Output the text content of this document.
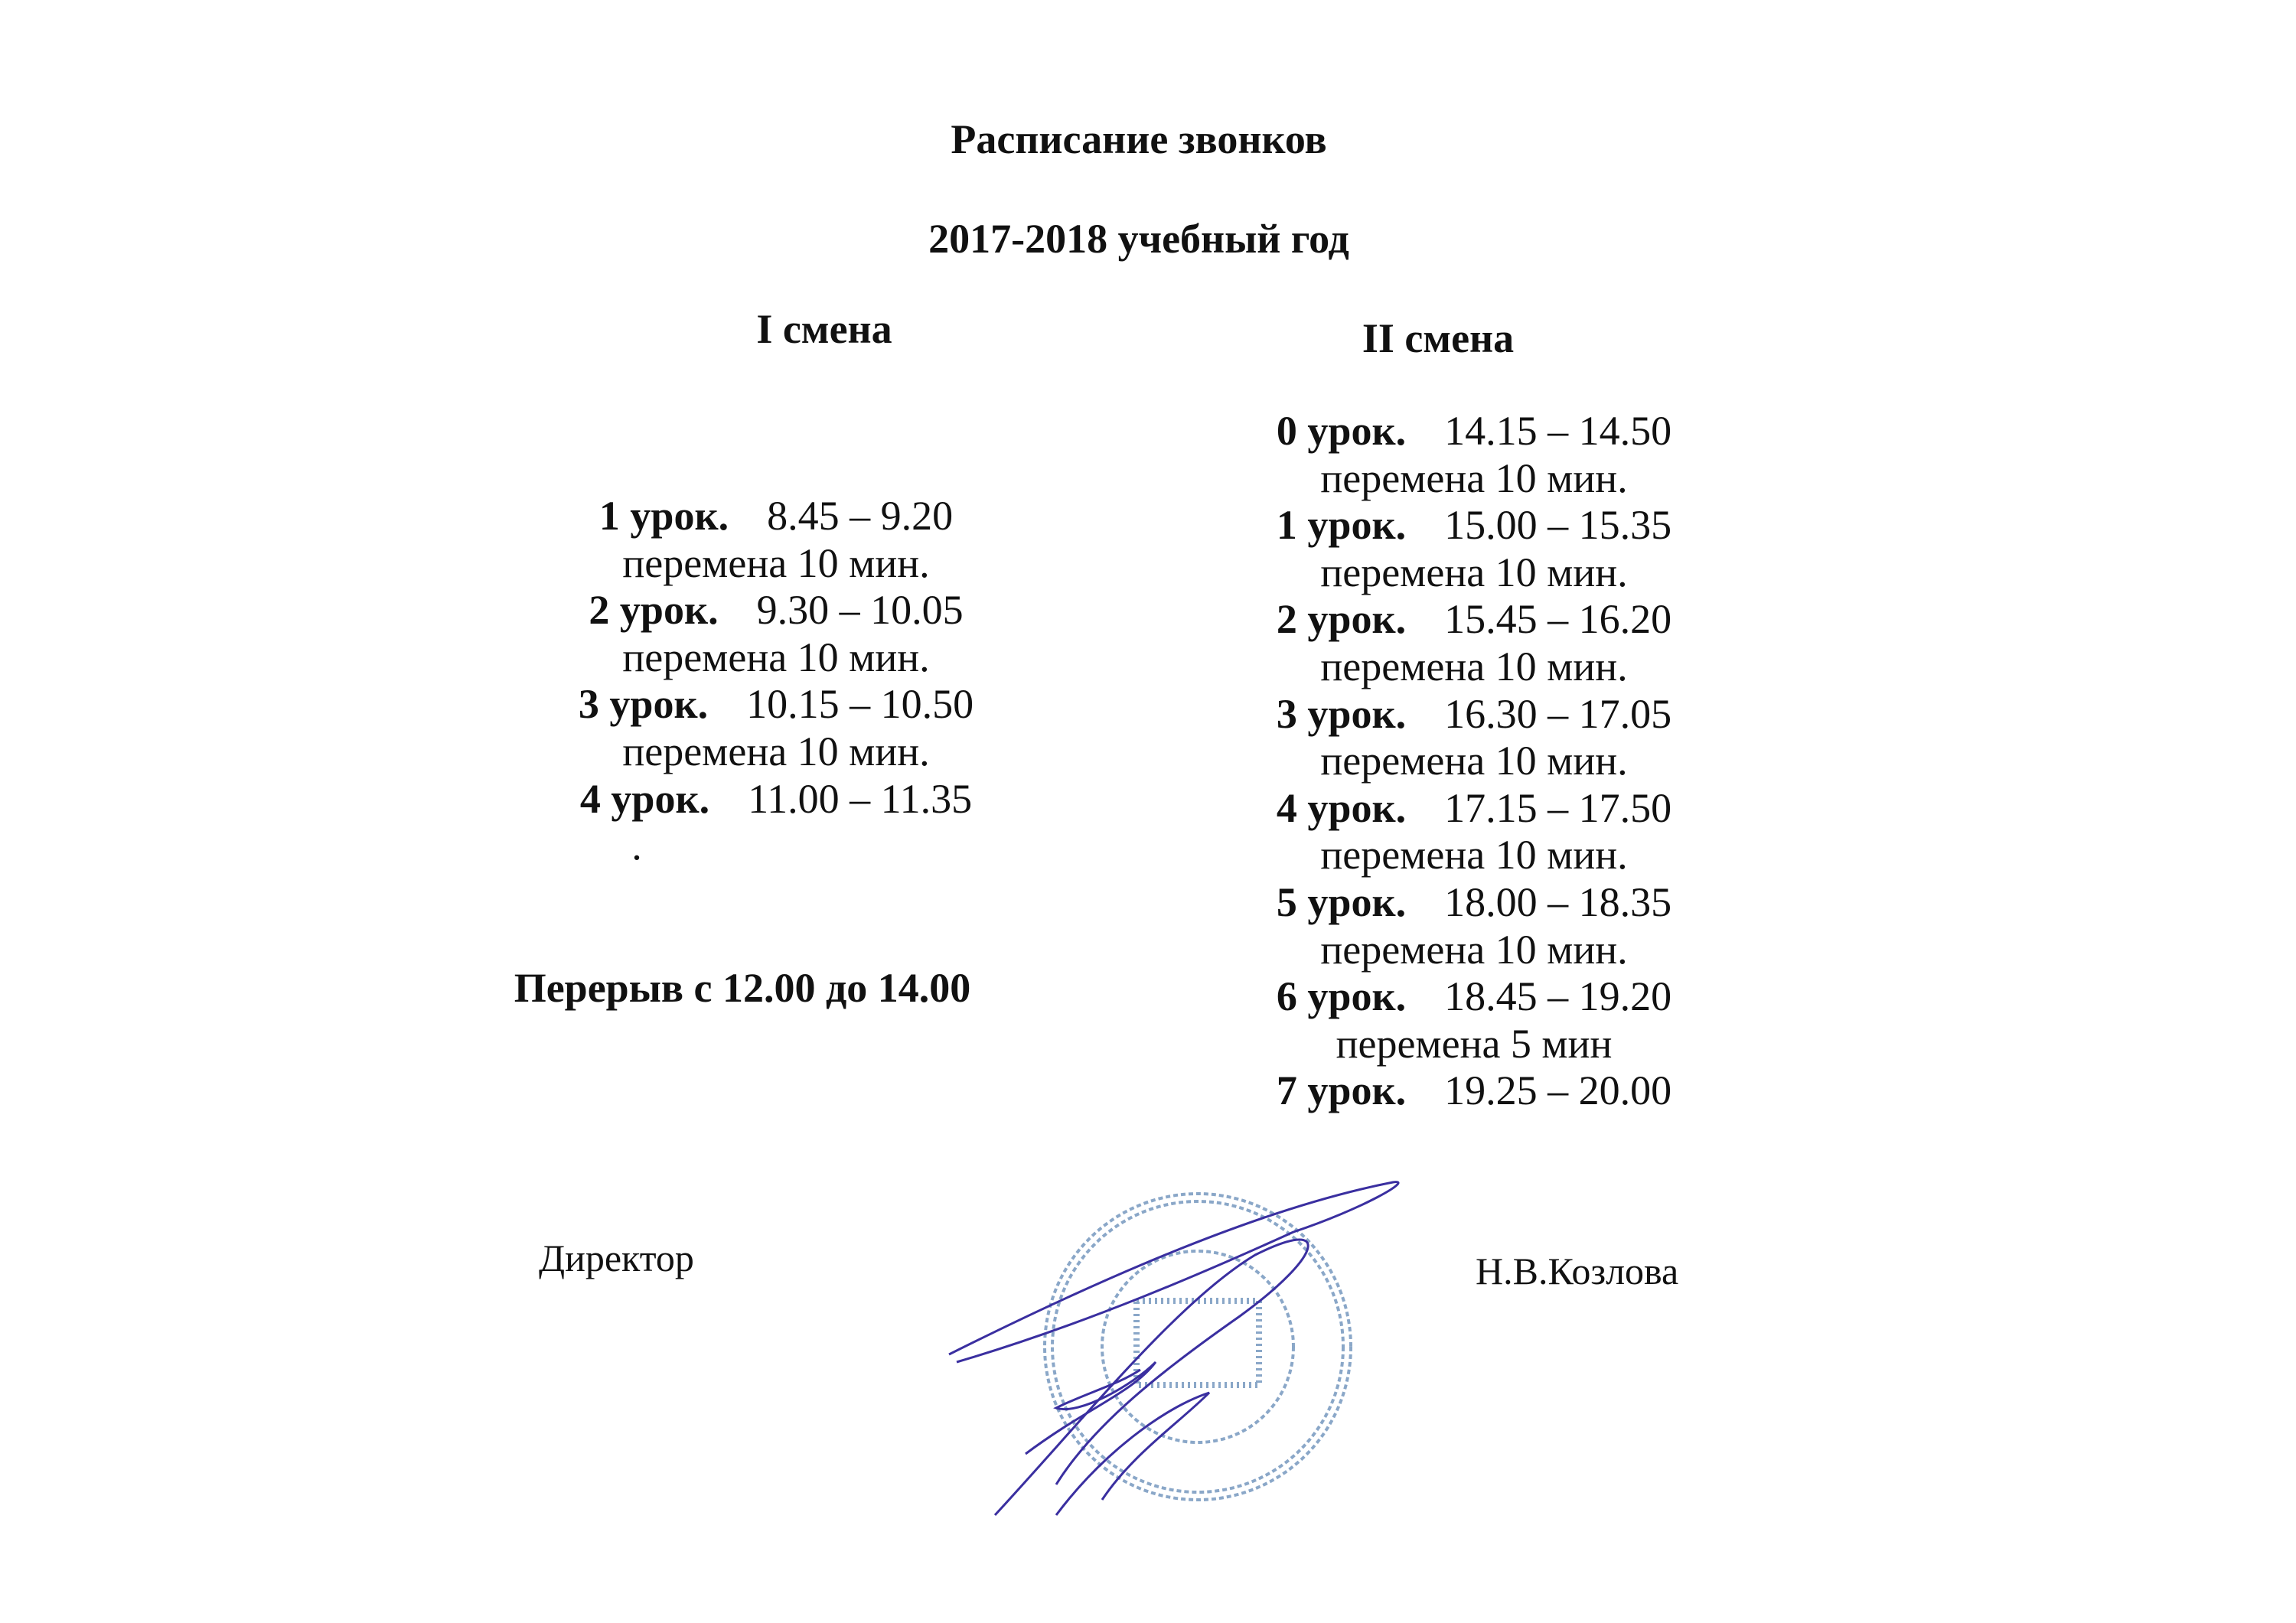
Расписание звонков
2017-2018 учебный год
I смена	II смена
1 урок. 8.45 – 9.20
перемена 10 мин.
2 урок. 9.30 – 10.05
перемена 10 мин.
3 урок. 10.15 – 10.50
перемена 10 мин.
4 урок. 11.00 – 11.35
0 урок. 14.15 – 14.50
перемена 10 мин.
1 урок. 15.00 – 15.35
перемена 10 мин.
2 урок. 15.45 – 16.20
перемена 10 мин.
3 урок. 16.30 – 17.05
перемена 10 мин.
4 урок. 17.15 – 17.50
перемена 10 мин.
5 урок. 18.00 – 18.35
перемена 10 мин.
6 урок. 18.45 – 19.20
перемена 5 мин
7 урок. 19.25 – 20.00
.
Перерыв с 12.00 до 14.00
Директор	Н.В.Козлова
